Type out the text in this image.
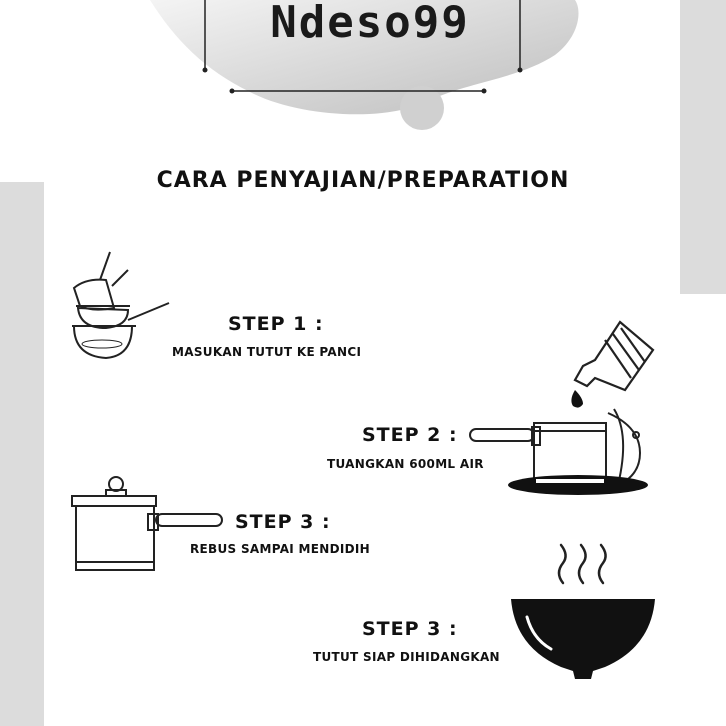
Ndeso99
CARA PENYAJIAN/PREPARATION
STEP 1 :
MASUKAN TUTUT KE PANCI
STEP 2 :
TUANGKAN 600ML AIR
STEP 3 :
REBUS SAMPAI MENDIDIH
STEP 3 :
TUTUT SIAP DIHIDANGKAN
